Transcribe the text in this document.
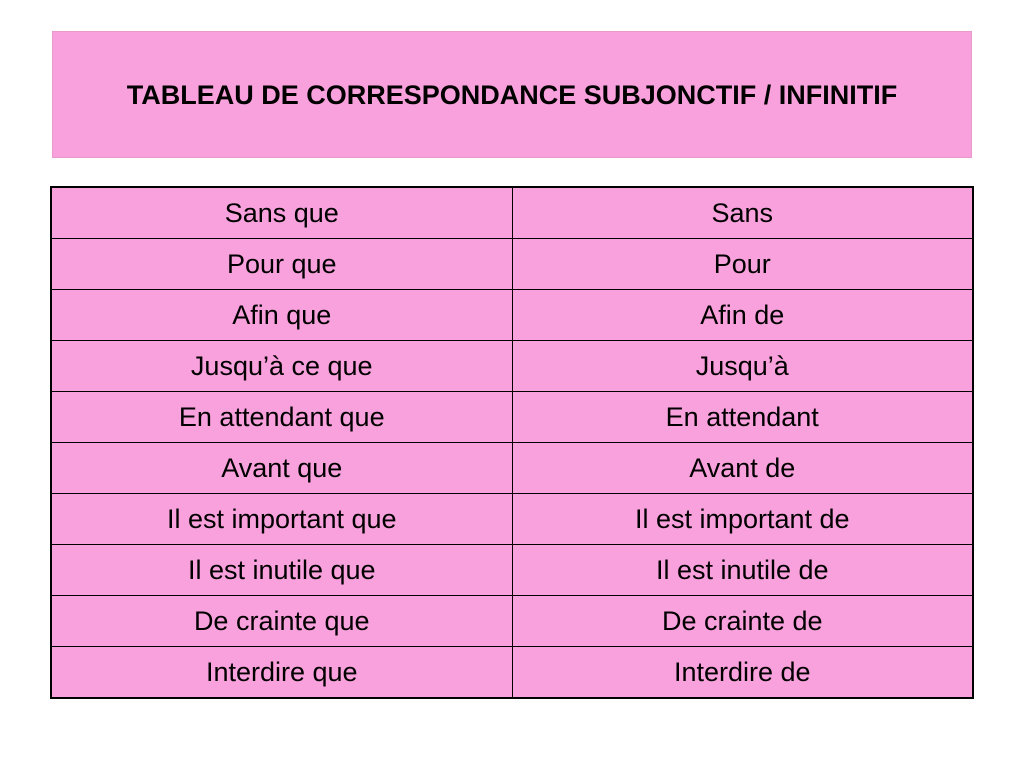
TABLEAU DE CORRESPONDANCE SUBJONCTIF / INFINITIF
Sans que	Sans
Pour que	Pour
Afin que	Afin de
Jusqu’à ce que	Jusqu’à
En attendant que	En attendant
Avant que	Avant de
Il est important que	Il est important de
Il est inutile que	Il est inutile de
De crainte que	De crainte de
Interdire que	Interdire de
